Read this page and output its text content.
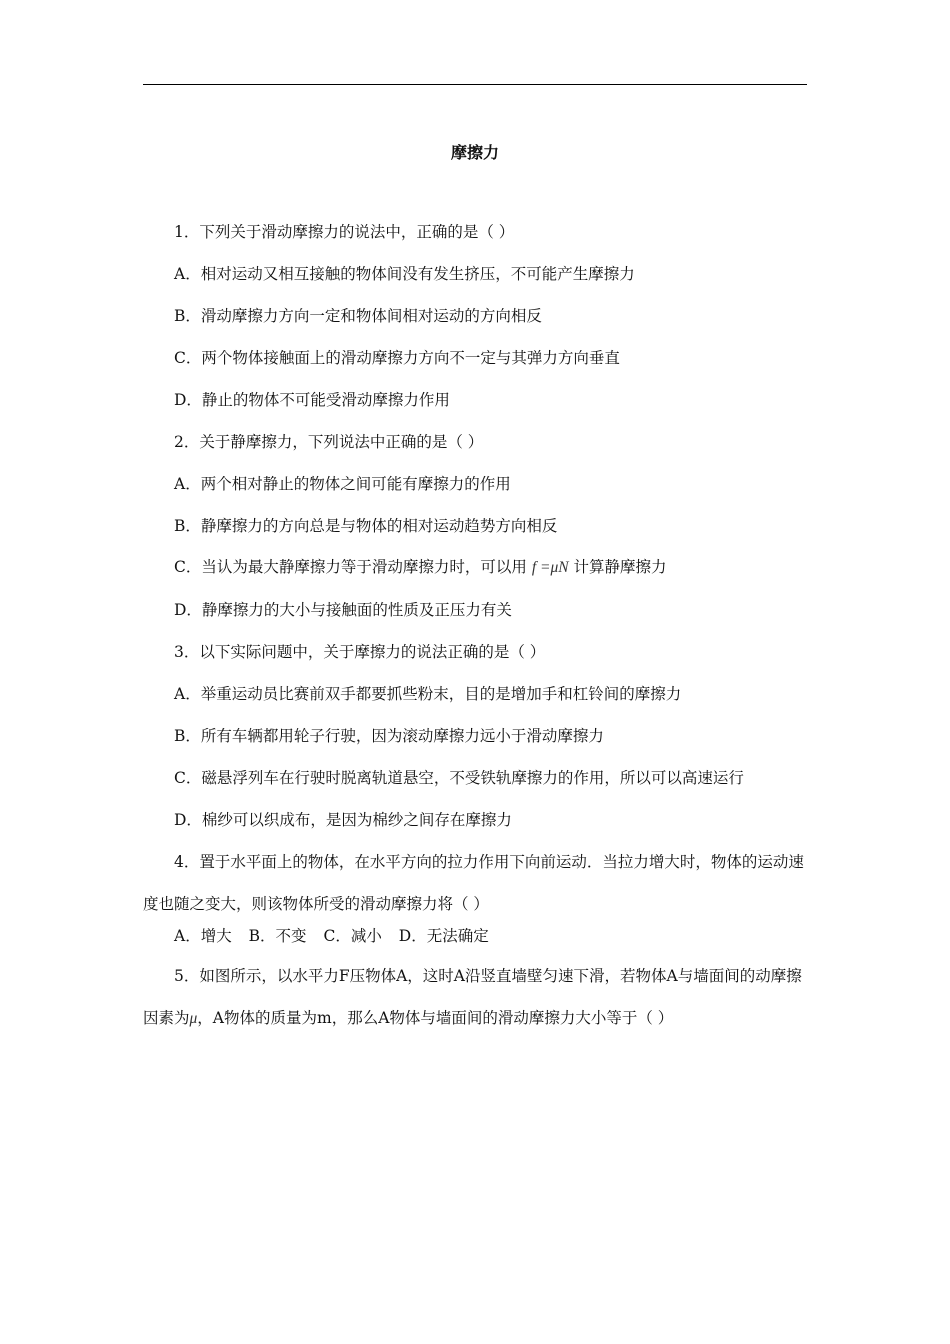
摩擦力
1．下列关于滑动摩擦力的说法中，正确的是（ ）
A．相对运动又相互接触的物体间没有发生挤压，不可能产生摩擦力
B．滑动摩擦力方向一定和物体间相对运动的方向相反
C．两个物体接触面上的滑动摩擦力方向不一定与其弹力方向垂直
D．静止的物体不可能受滑动摩擦力作用
2．关于静摩擦力，下列说法中正确的是（ ）
A．两个相对静止的物体之间可能有摩擦力的作用
B．静摩擦力的方向总是与物体的相对运动趋势方向相反
C．当认为最大静摩擦力等于滑动摩擦力时，可以用 f =μN 计算静摩擦力
D．静摩擦力的大小与接触面的性质及正压力有关
3．以下实际问题中，关于摩擦力的说法正确的是（ ）
A．举重运动员比赛前双手都要抓些粉末，目的是增加手和杠铃间的摩擦力
B．所有车辆都用轮子行驶，因为滚动摩擦力远小于滑动摩擦力
C．磁悬浮列车在行驶时脱离轨道悬空，不受铁轨摩擦力的作用，所以可以高速运行
D．棉纱可以织成布，是因为棉纱之间存在摩擦力
4．置于水平面上的物体，在水平方向的拉力作用下向前运动．当拉力增大时，物体的运动速度也随之变大，则该物体所受的滑动摩擦力将（ ）
A．增大 B．不变 C．减小 D．无法确定
5．如图所示，以水平力F压物体A，这时A沿竖直墙壁匀速下滑，若物体A与墙面间的动摩擦因素为μ，A物体的质量为m，那么A物体与墙面间的滑动摩擦力大小等于（ ）
